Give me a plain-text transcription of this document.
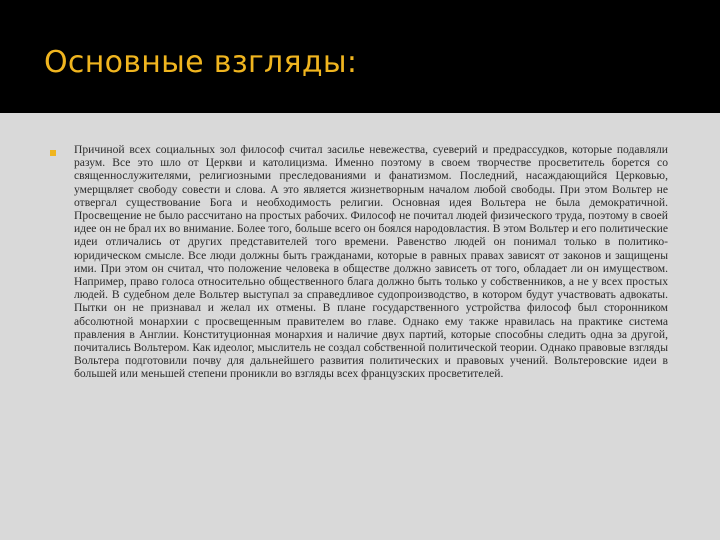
Основные взгляды:

Причиной всех социальных зол философ считал засилье невежества, суеверий и предрассудков, которые подавляли разум. Все это шло от Церкви и католицизма. Именно поэтому в своем творчестве просветитель борется со священнослужителями, религиозными преследованиями и фанатизмом. Последний, насаждающийся Церковью, умерщвляет свободу совести и слова. А это является жизнетворным началом любой свободы. При этом Вольтер не отвергал существование Бога и необходимость религии. Основная идея Вольтера не была демократичной. Просвещение не было рассчитано на простых рабочих. Философ не почитал людей физического труда, поэтому в своей идее он не брал их во внимание. Более того, больше всего он боялся народовластия. В этом Вольтер и его политические идеи отличались от других представителей того времени. Равенство людей он понимал только в политико-юридическом смысле. Все люди должны быть гражданами, которые в равных правах зависят от законов и защищены ими. При этом он считал, что положение человека в обществе должно зависеть от того, обладает ли он имуществом. Например, право голоса относительно общественного блага должно быть только у собственников, а не у всех простых людей. В судебном деле Вольтер выступал за справедливое судопроизводство, в котором будут участвовать адвокаты. Пытки он не признавал и желал их отмены. В плане государственного устройства философ был сторонником абсолютной монархии с просвещенным правителем во главе. Однако ему также нравилась на практике система правления в Англии. Конституционная монархия и наличие двух партий, которые способны следить одна за другой, почитались Вольтером. Как идеолог, мыслитель не создал собственной политической теории. Однако правовые взгляды Вольтера подготовили почву для дальнейшего развития политических и правовых учений. Вольтеровские идеи в большей или меньшей степени проникли во взгляды всех французских просветителей.
